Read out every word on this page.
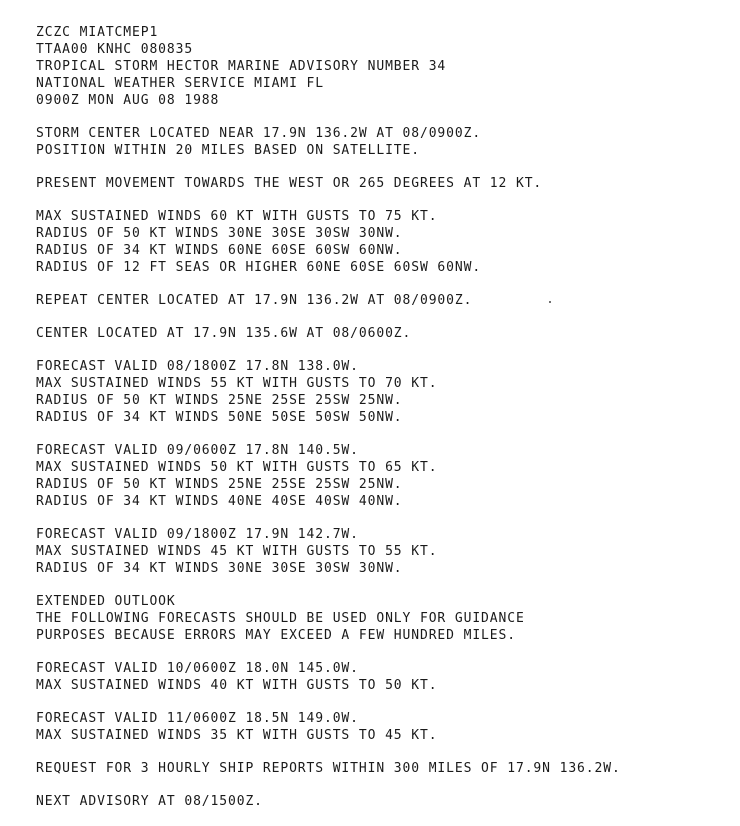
ZCZC MIATCMEP1
TTAA00 KNHC 080835
TROPICAL STORM HECTOR MARINE ADVISORY NUMBER 34
NATIONAL WEATHER SERVICE MIAMI FL
0900Z MON AUG 08 1988
STORM CENTER LOCATED NEAR 17.9N 136.2W AT 08/0900Z.
POSITION WITHIN 20 MILES BASED ON SATELLITE.
PRESENT MOVEMENT TOWARDS THE WEST OR 265 DEGREES AT 12 KT.
MAX SUSTAINED WINDS 60 KT WITH GUSTS TO 75 KT.
RADIUS OF 50 KT WINDS 30NE 30SE 30SW 30NW.
RADIUS OF 34 KT WINDS 60NE 60SE 60SW 60NW.
RADIUS OF 12 FT SEAS OR HIGHER 60NE 60SE 60SW 60NW.
REPEAT CENTER LOCATED AT 17.9N 136.2W AT 08/0900Z.
CENTER LOCATED AT 17.9N 135.6W AT 08/0600Z.
FORECAST VALID 08/1800Z 17.8N 138.0W.
MAX SUSTAINED WINDS 55 KT WITH GUSTS TO 70 KT.
RADIUS OF 50 KT WINDS 25NE 25SE 25SW 25NW.
RADIUS OF 34 KT WINDS 50NE 50SE 50SW 50NW.
FORECAST VALID 09/0600Z 17.8N 140.5W.
MAX SUSTAINED WINDS 50 KT WITH GUSTS TO 65 KT.
RADIUS OF 50 KT WINDS 25NE 25SE 25SW 25NW.
RADIUS OF 34 KT WINDS 40NE 40SE 40SW 40NW.
FORECAST VALID 09/1800Z 17.9N 142.7W.
MAX SUSTAINED WINDS 45 KT WITH GUSTS TO 55 KT.
RADIUS OF 34 KT WINDS 30NE 30SE 30SW 30NW.
EXTENDED OUTLOOK
THE FOLLOWING FORECASTS SHOULD BE USED ONLY FOR GUIDANCE
PURPOSES BECAUSE ERRORS MAY EXCEED A FEW HUNDRED MILES.
FORECAST VALID 10/0600Z 18.0N 145.0W.
MAX SUSTAINED WINDS 40 KT WITH GUSTS TO 50 KT.
FORECAST VALID 11/0600Z 18.5N 149.0W.
MAX SUSTAINED WINDS 35 KT WITH GUSTS TO 45 KT.
REQUEST FOR 3 HOURLY SHIP REPORTS WITHIN 300 MILES OF 17.9N 136.2W.
NEXT ADVISORY AT 08/1500Z.
